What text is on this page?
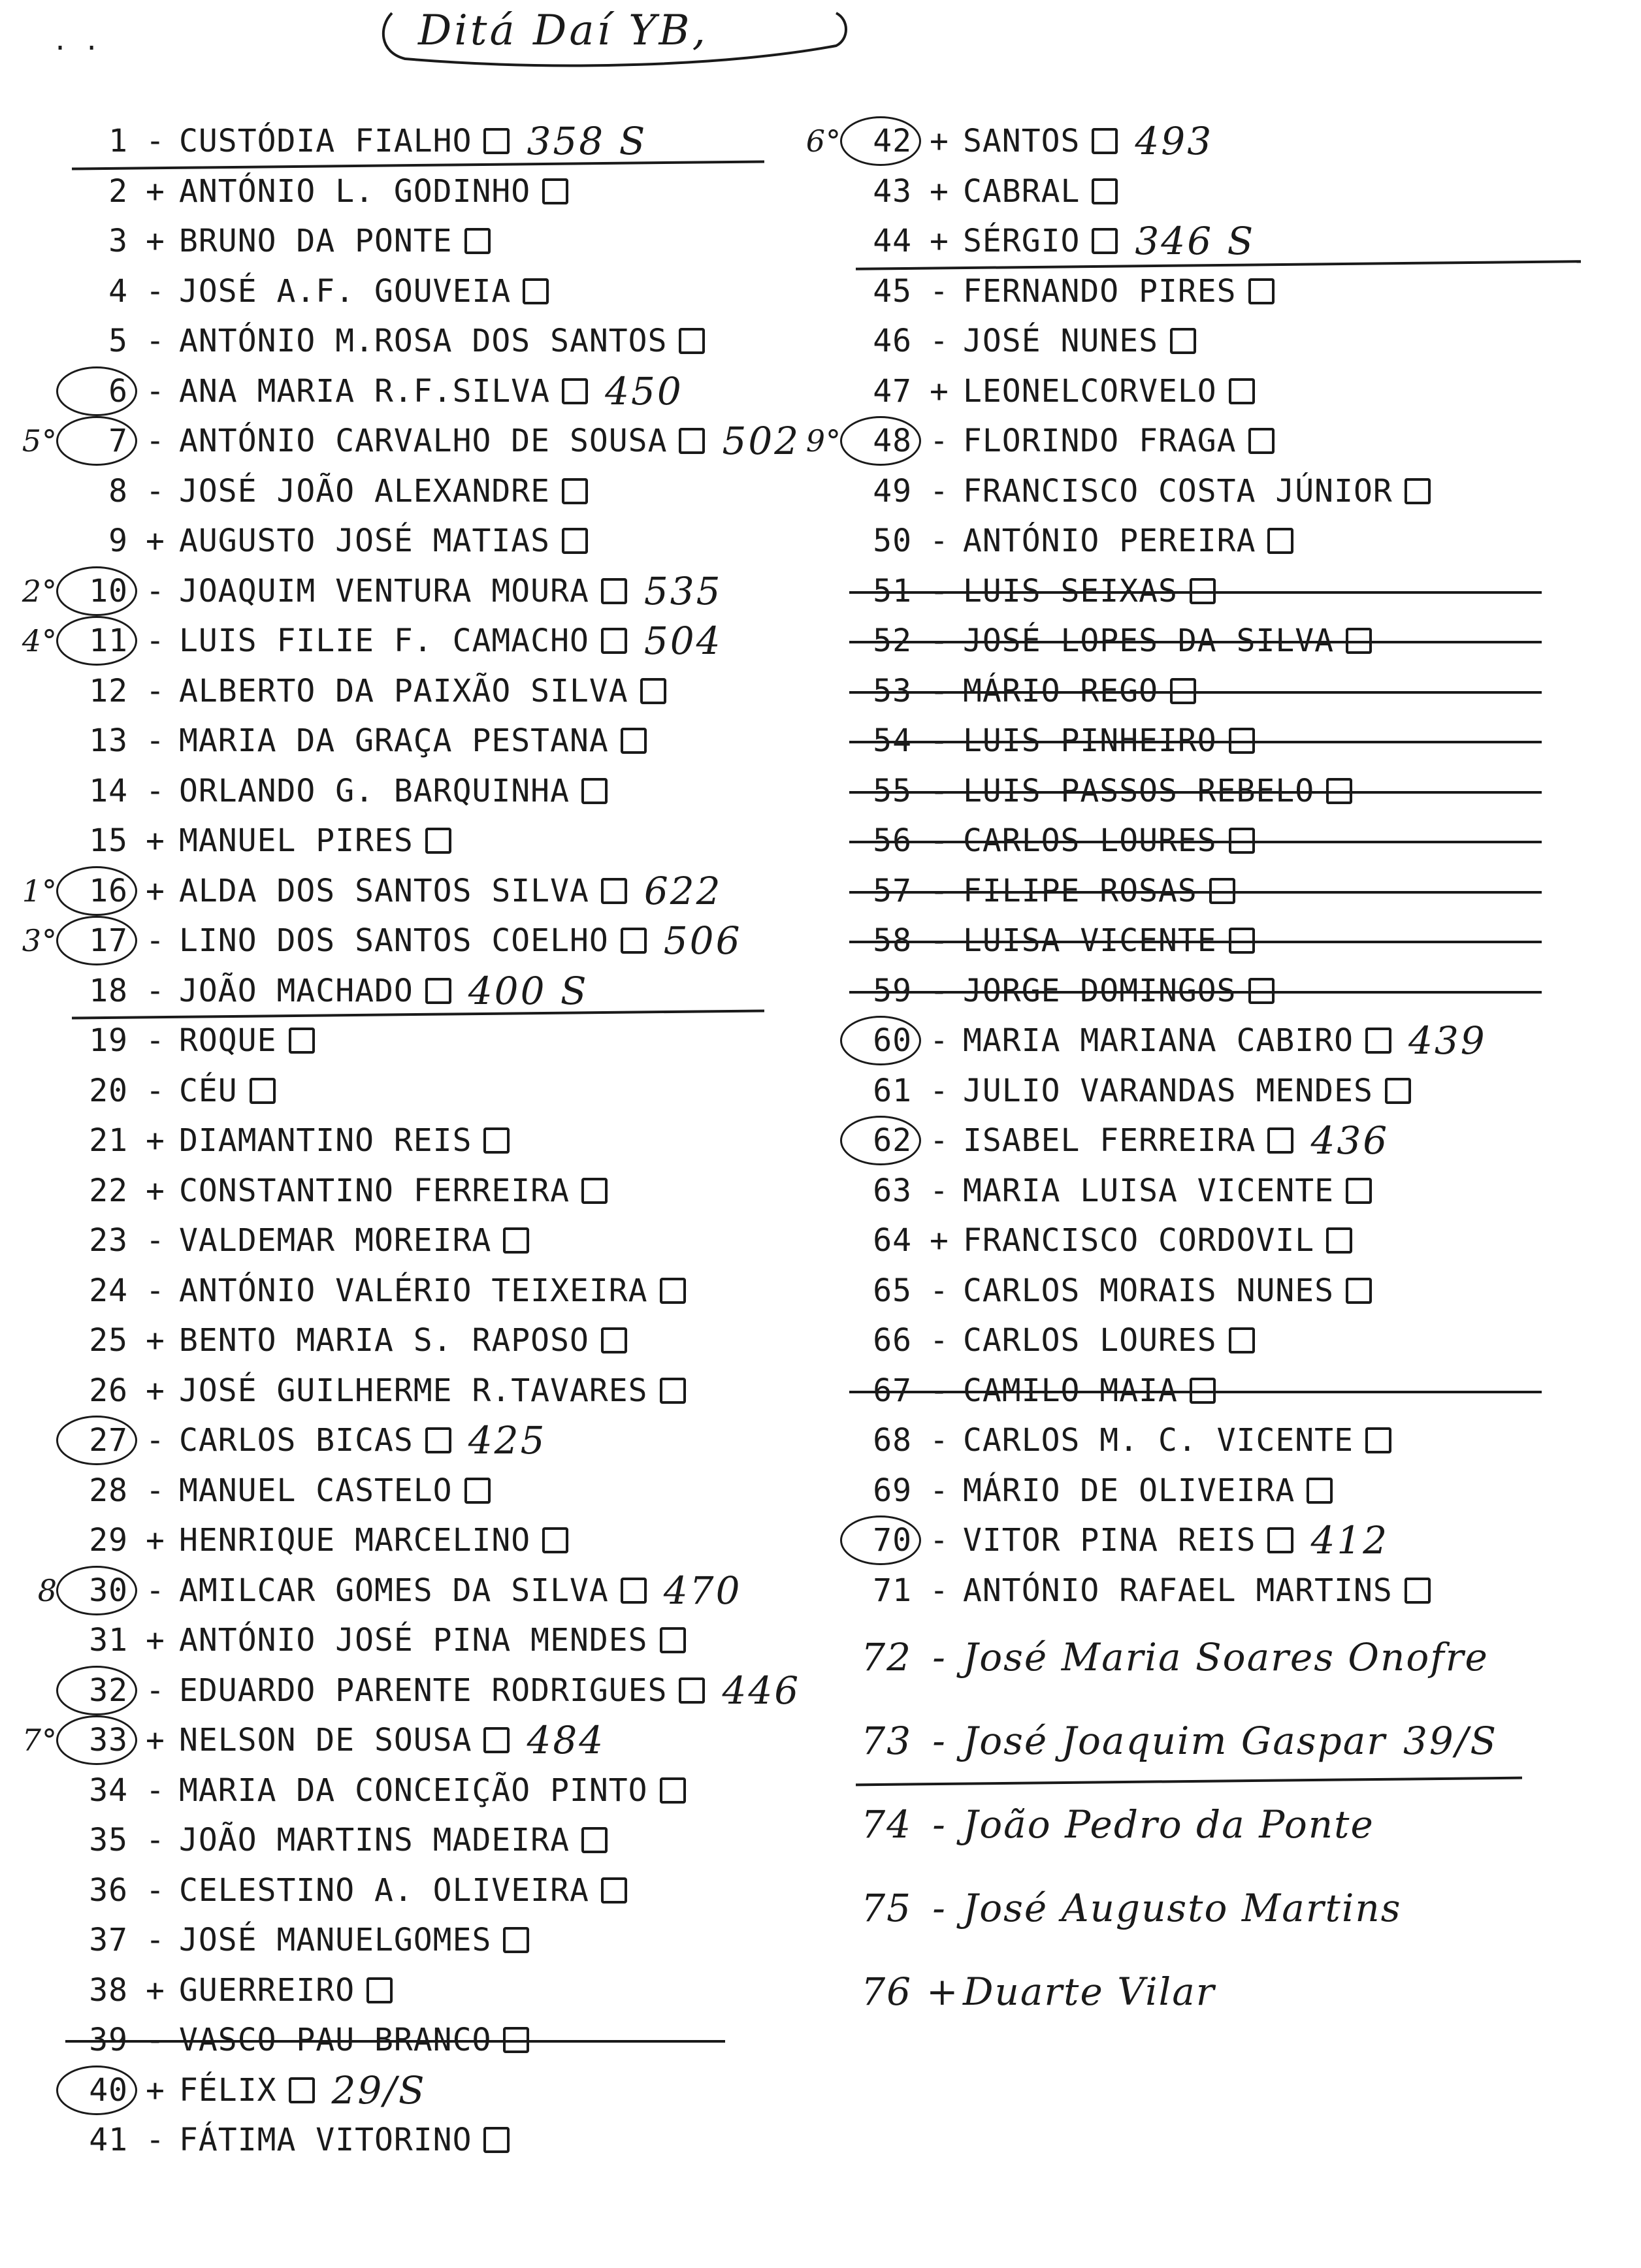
. .	Ditá Daí YB,
1 - CUSTÓDIA FIALHO 358 S
2 + ANTÓNIO L. GODINHO
3 + BRUNO DA PONTE
4 - JOSÉ A.F. GOUVEIA
5 - ANTÓNIO M.ROSA DOS SANTOS
6 - ANA MARIA R.F.SILVA 450
5°	7 - ANTÓNIO CARVALHO DE SOUSA 502
8 - JOSÉ JOÃO ALEXANDRE
9 + AUGUSTO JOSÉ MATIAS
2°	10 - JOAQUIM VENTURA MOURA 535
4°	11 - LUIS FILIE F. CAMACHO 504
12 - ALBERTO DA PAIXÃO SILVA
13 - MARIA DA GRAÇA PESTANA
14 - ORLANDO G. BARQUINHA
15 + MANUEL PIRES
1°	16 + ALDA DOS SANTOS SILVA 622
3°	17 - LINO DOS SANTOS COELHO 506
18 - JOÃO MACHADO 400 S
19 - ROQUE
20 - CÉU
21 + DIAMANTINO REIS
22 + CONSTANTINO FERREIRA
23 - VALDEMAR MOREIRA
24 - ANTÓNIO VALÉRIO TEIXEIRA
25 + BENTO MARIA S. RAPOSO
26 + JOSÉ GUILHERME R.TAVARES
27 - CARLOS BICAS 425
28 - MANUEL CASTELO
29 + HENRIQUE MARCELINO
8	30 - AMILCAR GOMES DA SILVA 470
31 + ANTÓNIO JOSÉ PINA MENDES
32 - EDUARDO PARENTE RODRIGUES 446
7°	33 + NELSON DE SOUSA 484
34 - MARIA DA CONCEIÇÃO PINTO
35 - JOÃO MARTINS MADEIRA
36 - CELESTINO A. OLIVEIRA
37 - JOSÉ MANUELGOMES
38 + GUERREIRO
39 - VASCO PAU BRANCO
40 + FÉLIX 29/S
41 - FÁTIMA VITORINO
6°	42 + SANTOS 493
43 + CABRAL
44 + SÉRGIO 346 S
45 - FERNANDO PIRES
46 - JOSÉ NUNES
47 + LEONELCORVELO
9°	48 - FLORINDO FRAGA
49 - FRANCISCO COSTA JÚNIOR
50 - ANTÓNIO PEREIRA
51 - LUIS SEIXAS
52 - JOSÉ LOPES DA SILVA
53 - MÁRIO REGO
54 - LUIS PINHEIRO
55 - LUIS PASSOS REBELO
56 - CARLOS LOURES
57 - FILIPE ROSAS
58 - LUISA VICENTE
59 - JORGE DOMINGOS
60 - MARIA MARIANA CABIRO 439
61 - JULIO VARANDAS MENDES
62 - ISABEL FERREIRA 436
63 - MARIA LUISA VICENTE
64 + FRANCISCO CORDOVIL
65 - CARLOS MORAIS NUNES
66 - CARLOS LOURES
67 - CAMILO MAIA
68 - CARLOS M. C. VICENTE
69 - MÁRIO DE OLIVEIRA
70 - VITOR PINA REIS 412
71 - ANTÓNIO RAFAEL MARTINS
72 - José Maria Soares Onofre
73 - José Joaquim Gaspar 39/S
74 - João Pedro da Ponte
75 - José Augusto Martins
76 + Duarte Vilar
